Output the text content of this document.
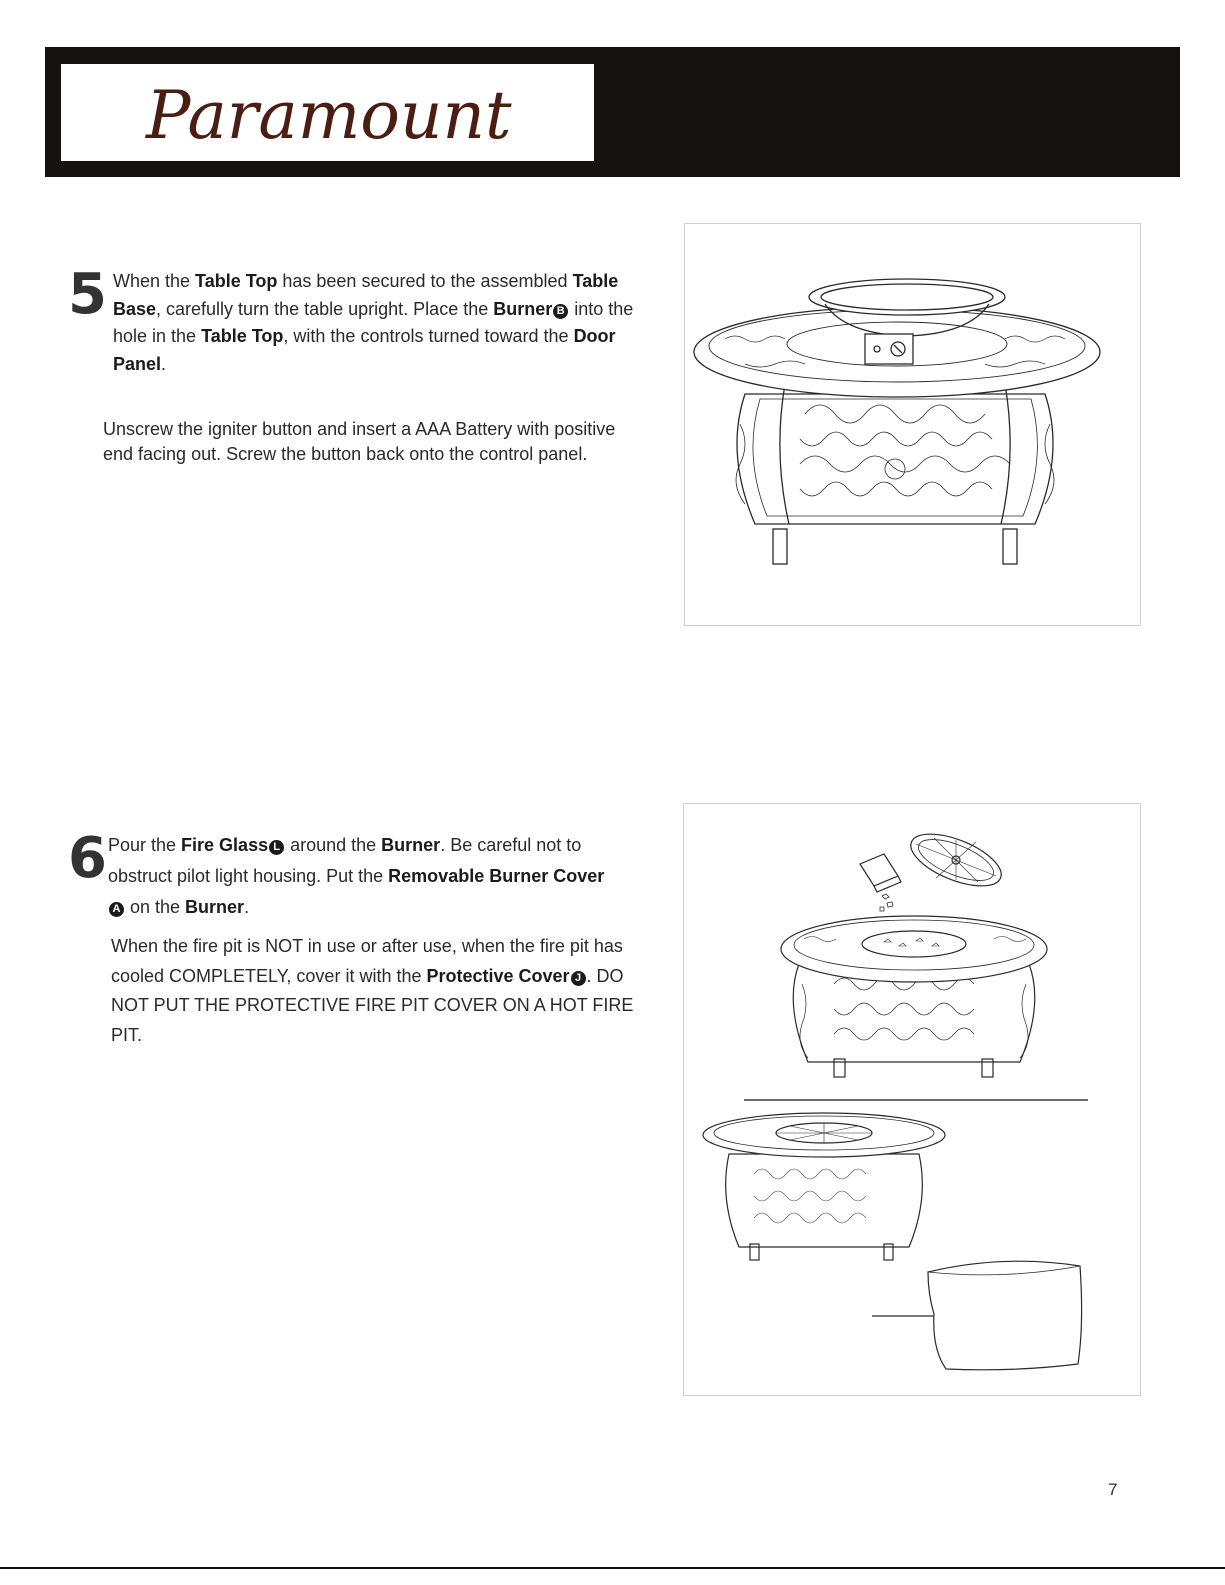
Paramount
5 When the Table Top has been secured to the assembled Table Base, carefully turn the table upright. Place the Burner B into the hole in the Table Top, with the controls turned toward the Door Panel.

Unscrew the igniter button and insert a AAA Battery with positive end facing out. Screw the button back onto the control panel.

6 Pour the Fire Glass L around the Burner. Be careful not to obstruct pilot light housing. Put the Removable Burner CoverA on the Burner.

When the fire pit is NOT in use or after use, when the fire pit has cooled COMPLETELY, cover it with the Protective Cover J . DO NOT PUT THE PROTECTIVE FIRE PIT COVER ON A HOT FIRE PIT.

7
